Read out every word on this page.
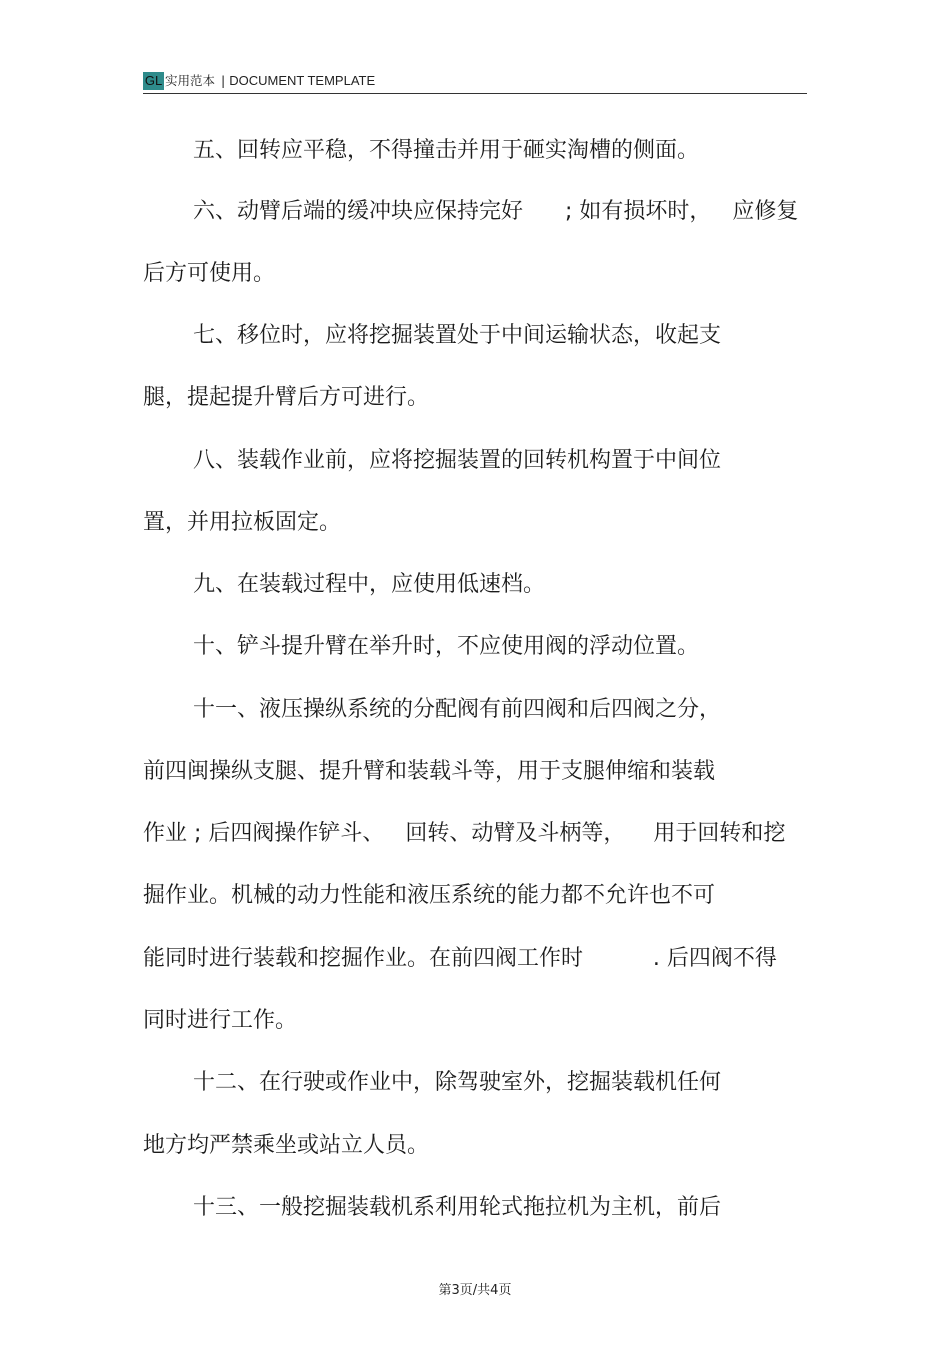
GL 实用范本 | DOCUMENT TEMPLATE
五、回转应平稳，不得撞击并用于砸实淘槽的侧面。
六、动臂后端的缓冲块应保持完好      ; 如有损坏时，   应修复
后方可使用。
七、移位时，应将挖掘装置处于中间运输状态，收起支
腿，提起提升臂后方可进行。
八、装载作业前，应将挖掘装置的回转机构置于中间位
置，并用拉板固定。
九、在装载过程中，应使用低速档。
十、铲斗提升臂在举升时，不应使用阀的浮动位置。
十一、液压操纵系统的分配阀有前四阀和后四阀之分，
前四闽操纵支腿、提升臂和装载斗等，用于支腿伸缩和装载
作业 ; 后四阀操作铲斗、   回转、动臂及斗柄等，    用于回转和挖
掘作业。机械的动力性能和液压系统的能力都不允许也不可
能同时进行装载和挖掘作业。在前四阀工作时          . 后四阀不得
同时进行工作。
十二、在行驶或作业中，除驾驶室外，挖掘装载机任何
地方均严禁乘坐或站立人员。
十三、一般挖掘装载机系利用轮式拖拉机为主机，前后
第3页/共4页
